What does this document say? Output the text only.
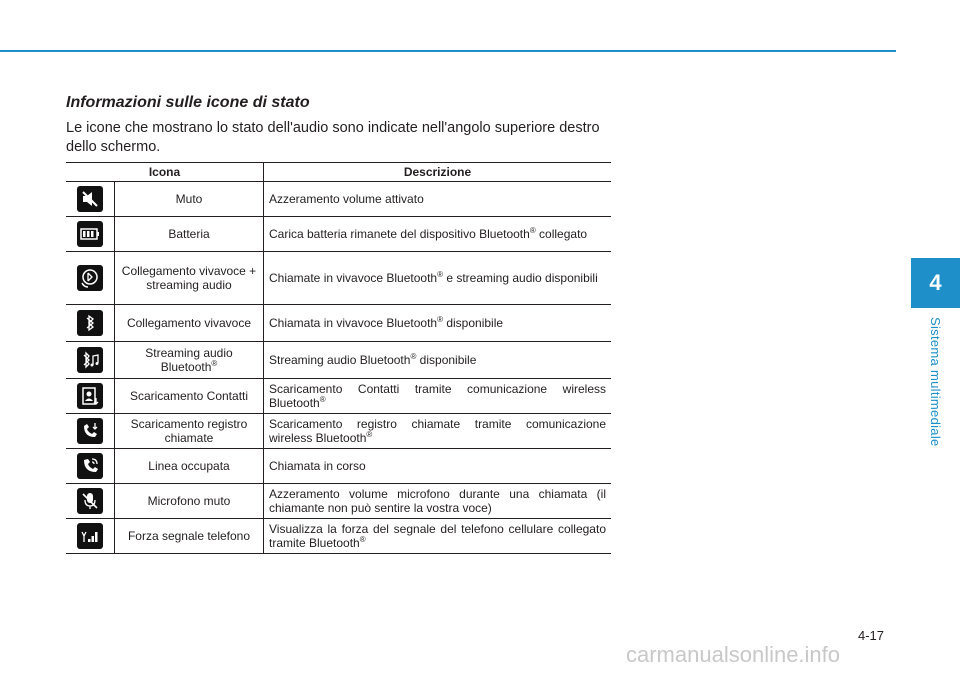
4
Sistema multimediale
Informazioni sulle icone di stato

Le icone che mostrano lo stato dell'audio sono indicate nell'angolo superiore destro dello schermo.

Icona		Descrizione

	Muto	Azzeramento volume attivato

	Batteria	Carica batteria rimanete del dispositivo Bluetooth® collegato

	Collegamento vivavoce + streaming audio	Chiamate in vivavoce Bluetooth® e streaming audio disponibili

	Collegamento vivavoce	Chiamata in vivavoce Bluetooth® disponibile

	Streaming audio Bluetooth®	Streaming audio Bluetooth® disponibile

	Scaricamento Contatti	Scaricamento Contatti tramite comunicazione wireless Bluetooth®

	Scaricamento registro chiamate	Scaricamento registro chiamate tramite comunicazione wireless Bluetooth®

	Linea occupata	Chiamata in corso

	Microfono muto	Azzeramento volume microfono durante una chiamata (il chiamante non può sentire la vostra voce)

	Forza segnale telefono	Visualizza la forza del segnale del telefono cellulare collegato tramite Bluetooth®
4-17
carmanualsonline.info
